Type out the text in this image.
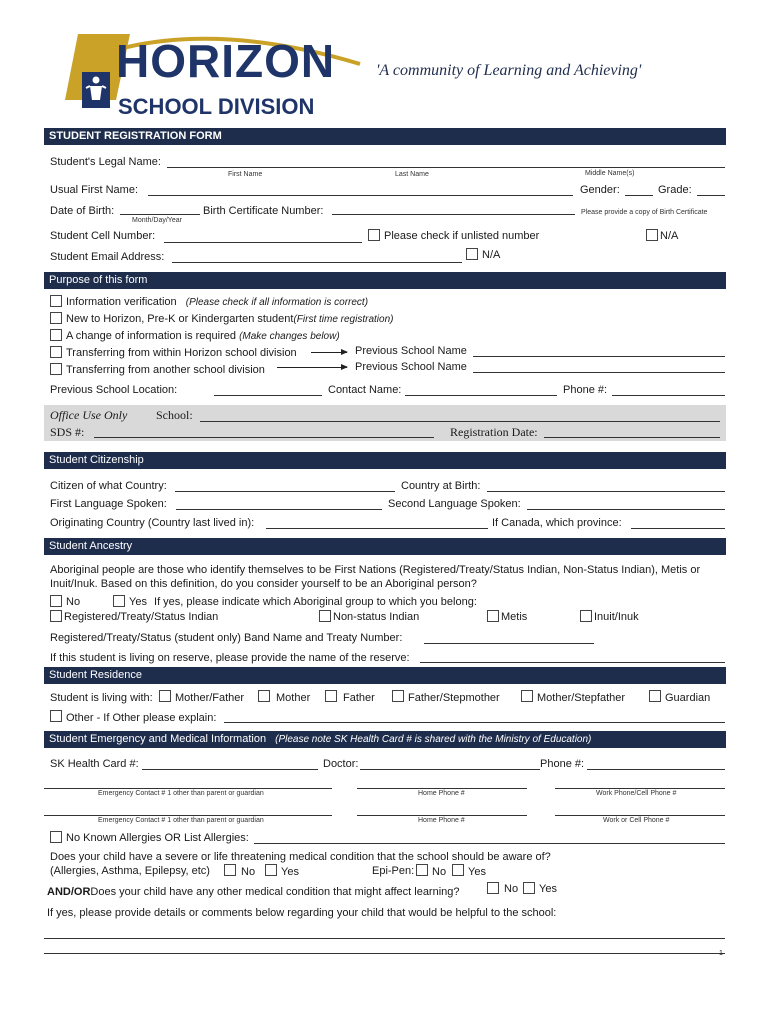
HORIZON
SCHOOL DIVISION
'A community of Learning and Achieving'
STUDENT REGISTRATION FORM
Student's Legal Name:
First Name	Last Name	Middle Name(s)
Usual First Name:	Gender:	Grade:
Date of Birth:
Month/Day/Year
Birth Certificate Number:	Please provide a copy of Birth Certificate
Student Cell Number:	Please check if unlisted number	N/A
Student Email Address:	N/A
Purpose of this form
Information verification (Please check if all information is correct)
New to Horizon, Pre-K or Kindergarten student(First time registration)
A change of information is required (Make changes below)
Transferring from within Horizon school division	Previous School Name
Transferring from another school division	Previous School Name
Previous School Location:	Contact Name:	Phone #:
Office Use Only School:
SDS #:	Registration Date:
Student Citizenship
Citizen of what Country:	Country at Birth:
First Language Spoken:	Second Language Spoken:
Originating Country (Country last lived in):	If Canada, which province:
Student Ancestry
Aboriginal people are those who identify themselves to be First Nations (Registered/Treaty/Status Indian, Non-Status Indian), Metis or
Inuit/Inuk. Based on this definition, do you consider yourself to be an Aboriginal person?
No	Yes If yes, please indicate which Aboriginal group to which you belong:
Registered/Treaty/Status Indian	Non-status Indian	Metis	Inuit/Inuk
Registered/Treaty/Status (student only) Band Name and Treaty Number:
If this student is living on reserve, please provide the name of the reserve:
Student Residence
Student is living with: Mother/Father	Mother	Father	Father/Stepmother	Mother/Stepfather	Guardian
Other - If Other please explain:
Student Emergency and Medical Information (Please note SK Health Card # is shared with the Ministry of Education)
SK Health Card #:	Doctor:	Phone #:
Emergency Contact # 1 other than parent or guardian	Home Phone #	Work Phone/Cell Phone #
Emergency Contact # 1 other than parent or guardian	Home Phone #	Work or Cell Phone #
No Known Allergies OR List Allergies:
Does your child have a severe or life threatening medical condition that the school should be aware of?
(Allergies, Asthma, Epilepsy, etc)	No Yes	Epi-Pen: No Yes
AND/ORDoes your child have any other medical condition that might affect learning?	No Yes
If yes, please provide details or comments below regarding your child that would be helpful to the school:
1
